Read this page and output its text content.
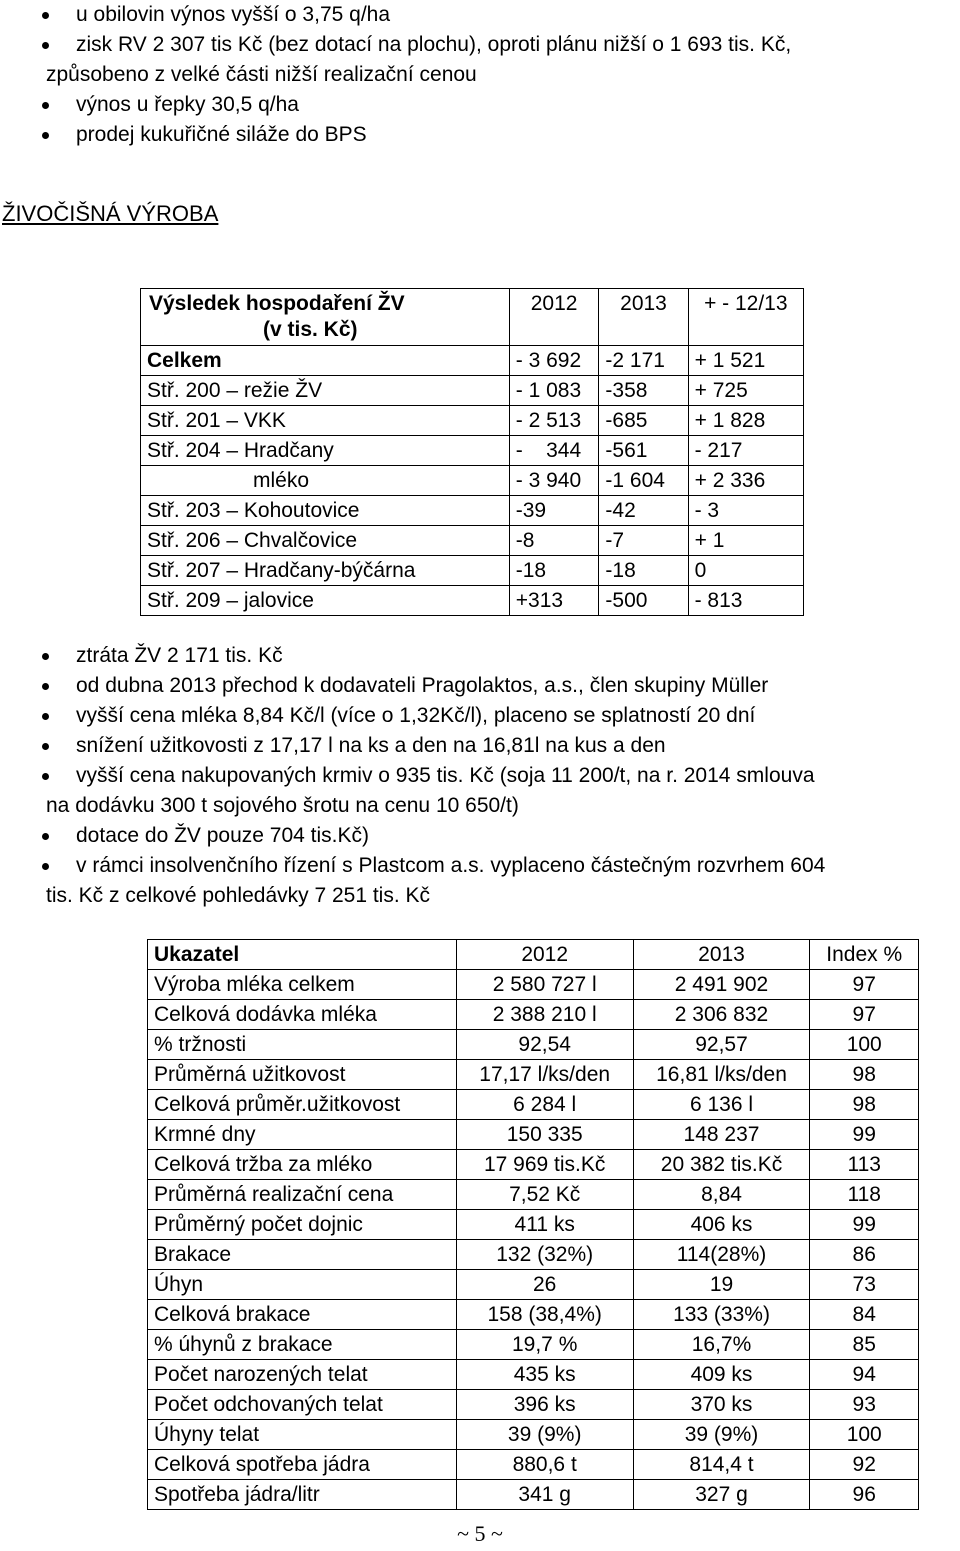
u obilovin výnos vyšší o 3,75 q/ha
zisk RV 2 307 tis Kč (bez dotací na plochu), oproti plánu nižší o 1 693 tis. Kč,
způsobeno z velké části nižší realizační cenou
výnos u řepky 30,5 q/ha
prodej kukuřičné siláže do BPS
ŽIVOČIŠNÁ VÝROBA
Výsledek hospodaření ŽV
(v tis. Kč)	2012	2013	+ - 12/13
Celkem	- 3 692	-2 171	+ 1 521
Stř. 200 – režie ŽV	- 1 083	-358	+ 725
Stř. 201 – VKK	- 2 513	-685	+ 1 828
Stř. 204 – Hradčany	-    344	-561	- 217
mléko	- 3 940	-1 604	+ 2 336
Stř. 203 – Kohoutovice	-39	-42	- 3
Stř. 206 – Chvalčovice	-8	-7	+ 1
Stř. 207 – Hradčany-býčárna	-18	-18	0
Stř. 209 – jalovice	+313	-500	- 813
ztráta ŽV 2 171 tis. Kč
od dubna 2013 přechod k dodavateli Pragolaktos, a.s., člen skupiny Müller
vyšší cena mléka 8,84 Kč/l (více o 1,32Kč/l), placeno se splatností 20 dní
snížení užitkovosti z 17,17 l na ks a den na 16,81l na kus a den
vyšší cena nakupovaných krmiv o 935 tis. Kč (soja 11 200/t, na r. 2014 smlouva
na dodávku 300 t sojového šrotu na cenu 10 650/t)
dotace do ŽV pouze 704 tis.Kč)
v rámci insolvenčního řízení s Plastcom a.s. vyplaceno částečným rozvrhem 604
tis. Kč z celkové pohledávky 7 251 tis. Kč
Ukazatel	2012	2013	Index %
Výroba mléka celkem	2 580 727 l	2 491 902	97
Celková dodávka mléka	2 388 210 l	2 306 832	97
% tržnosti	92,54	92,57	100
Průměrná užitkovost	17,17 l/ks/den	16,81 l/ks/den	98
Celková průměr.užitkovost	6 284 l	6 136 l	98
Krmné dny	150 335	148 237	99
Celková tržba za mléko	17 969 tis.Kč	20 382 tis.Kč	113
Průměrná realizační cena	7,52 Kč	8,84	118
Průměrný počet dojnic	411 ks	406 ks	99
Brakace	132 (32%)	114(28%)	86
Úhyn	26	19	73
Celková brakace	158 (38,4%)	133 (33%)	84
% úhynů z brakace	19,7 %	16,7%	85
Počet narozených telat	435 ks	409 ks	94
Počet odchovaných telat	396 ks	370 ks	93
Úhyny telat	39 (9%)	39 (9%)	100
Celková spotřeba jádra	880,6 t	814,4 t	92
Spotřeba jádra/litr	341 g	327 g	96
~ 5 ~
